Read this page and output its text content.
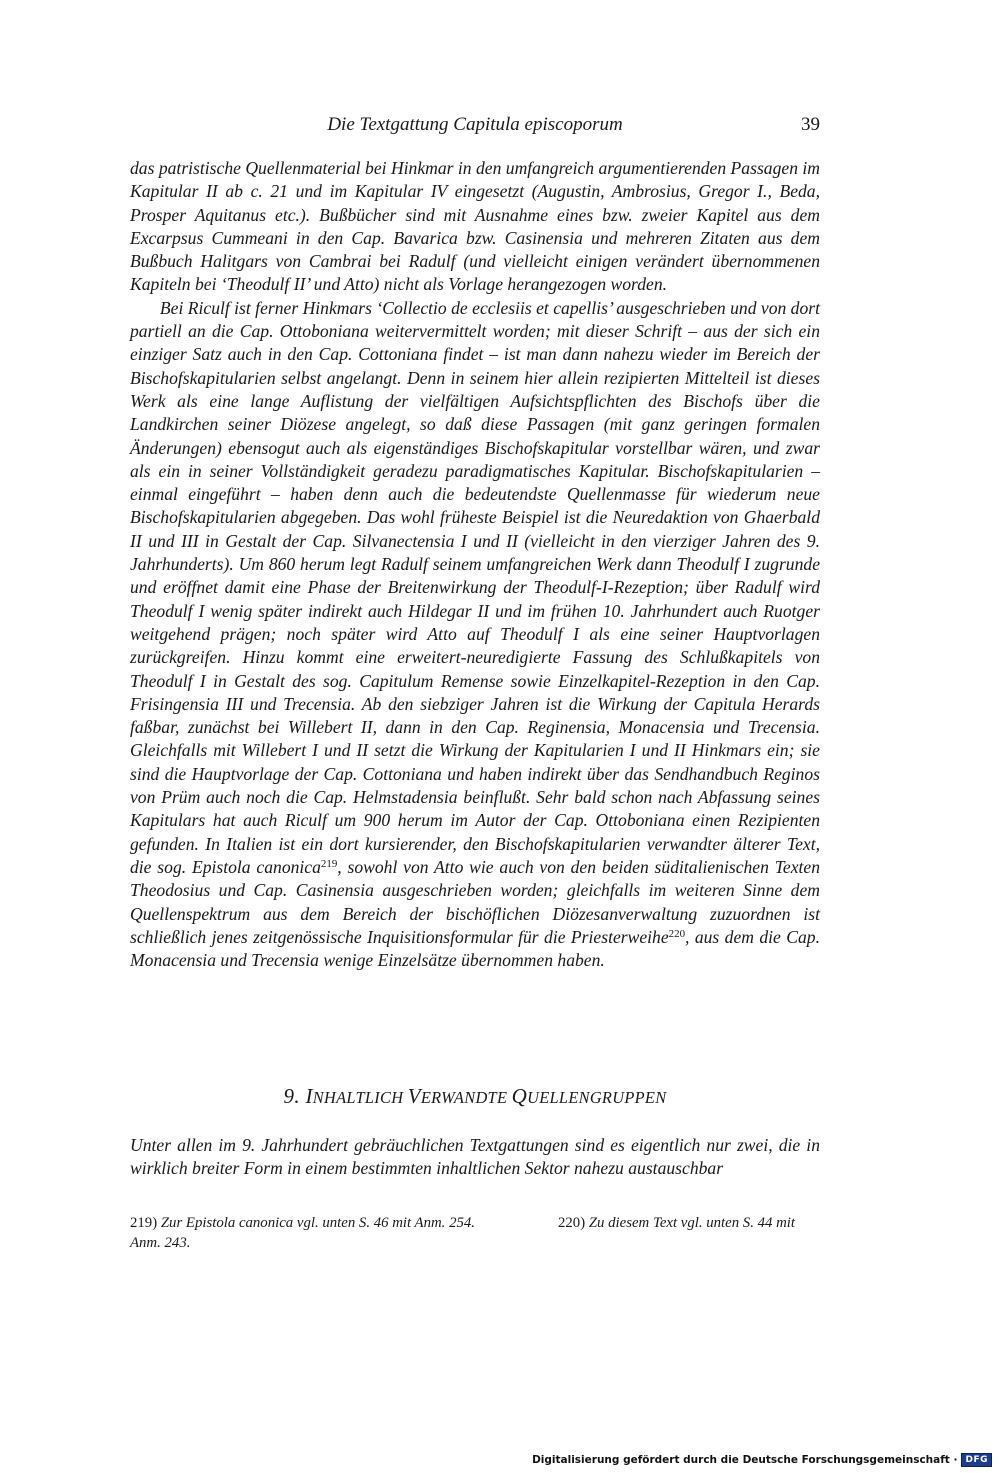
Die Textgattung Capitula episcoporum	39

das patristische Quellenmaterial bei Hinkmar in den umfangreich argumentierenden Passagen im Kapitular II ab c. 21 und im Kapitular IV eingesetzt (Augustin, Ambrosius, Gregor I., Beda, Prosper Aquitanus etc.). Bußbücher sind mit Ausnahme eines bzw. zweier Kapitel aus dem Excarpsus Cummeani in den Cap. Bavarica bzw. Casinensia und mehreren Zitaten aus dem Bußbuch Halitgars von Cambrai bei Radulf (und vielleicht einigen verändert übernommenen Kapiteln bei ‘Theodulf II’ und Atto) nicht als Vorlage herangezogen worden.

Bei Riculf ist ferner Hinkmars ‘Collectio de ecclesiis et capellis’ ausgeschrieben und von dort partiell an die Cap. Ottoboniana weitervermittelt worden; mit dieser Schrift – aus der sich ein einziger Satz auch in den Cap. Cottoniana findet – ist man dann nahezu wieder im Bereich der Bischofskapitularien selbst angelangt. Denn in seinem hier allein rezipierten Mittelteil ist dieses Werk als eine lange Auflistung der vielfältigen Aufsichtspflichten des Bischofs über die Landkirchen seiner Diözese angelegt, so daß diese Passagen (mit ganz geringen formalen Änderungen) ebensogut auch als eigenständiges Bischofskapitular vorstellbar wären, und zwar als ein in seiner Vollständigkeit geradezu paradigmatisches Kapitular. Bischofskapitularien – einmal eingeführt – haben denn auch die bedeutendste Quellenmasse für wiederum neue Bischofskapitularien abgegeben. Das wohl früheste Beispiel ist die Neuredaktion von Ghaerbald II und III in Gestalt der Cap. Silvanectensia I und II (vielleicht in den vierziger Jahren des 9. Jahrhunderts). Um 860 herum legt Radulf seinem umfangreichen Werk dann Theodulf I zugrunde und eröffnet damit eine Phase der Breitenwirkung der Theodulf-I-Rezeption; über Radulf wird Theodulf I wenig später indirekt auch Hildegar II und im frühen 10. Jahrhundert auch Ruotger weitgehend prägen; noch später wird Atto auf Theodulf I als eine seiner Hauptvorlagen zurückgreifen. Hinzu kommt eine erweitert-neuredigierte Fassung des Schlußkapitels von Theodulf I in Gestalt des sog. Capitulum Remense sowie Einzelkapitel-Rezeption in den Cap. Frisingensia III und Trecensia. Ab den siebziger Jahren ist die Wirkung der Capitula Herards faßbar, zunächst bei Willebert II, dann in den Cap. Reginensia, Monacensia und Trecensia. Gleichfalls mit Willebert I und II setzt die Wirkung der Kapitularien I und II Hinkmars ein; sie sind die Hauptvorlage der Cap. Cottoniana und haben indirekt über das Sendhandbuch Reginos von Prüm auch noch die Cap. Helmstadensia beinflußt. Sehr bald schon nach Abfassung seines Kapitulars hat auch Riculf um 900 herum im Autor der Cap. Ottoboniana einen Rezipienten gefunden. In Italien ist ein dort kursierender, den Bischofskapitularien verwandter älterer Text, die sog. Epistola canonica$^{219}$, sowohl von Atto wie auch von den beiden süditalienischen Texten Theodosius und Cap. Casinensia ausgeschrieben worden; gleichfalls im weiteren Sinne dem Quellenspektrum aus dem Bereich der bischöflichen Diözesanverwaltung zuzuordnen ist schließlich jenes zeitgenössische Inquisitionsformular für die Priesterweihe$^{220}$, aus dem die Cap. Monacensia und Trecensia wenige Einzelsätze übernommen haben.

9. INHALTLICH VERWANDTE QUELLENGRUPPEN

Unter allen im 9. Jahrhundert gebräuchlichen Textgattungen sind es eigentlich nur zwei, die in wirklich breiter Form in einem bestimmten inhaltlichen Sektor nahezu austauschbar

219) Zur Epistola canonica vgl. unten S. 46 mit Anm. 254.	220) Zu diesem Text vgl. unten S. 44 mit
Anm. 243.
Digitalisierung gefördert durch die Deutsche Forschungsgemeinschaft · DFG
